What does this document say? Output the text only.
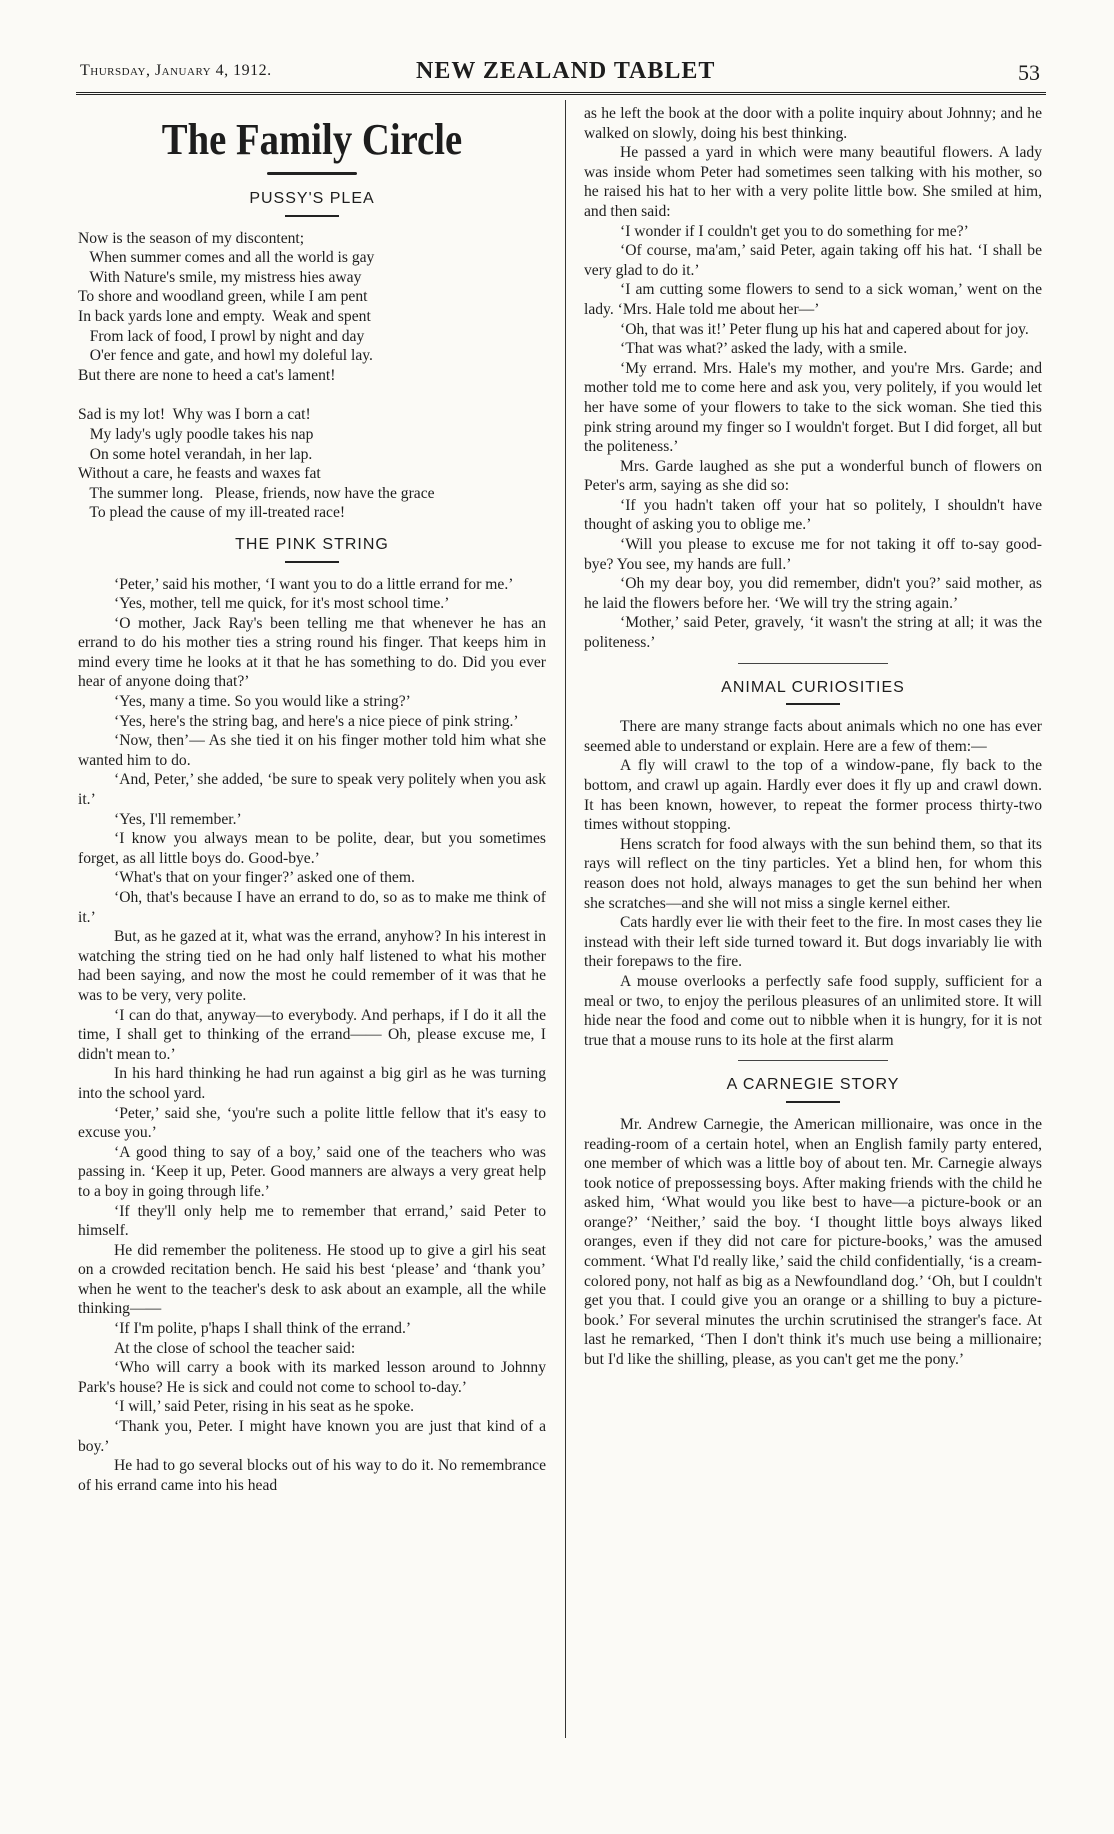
Thursday, January 4, 1912.	NEW ZEALAND TABLET	53
The Family Circle
PUSSY'S PLEA
Now is the season of my discontent;
When summer comes and all the world is gay
With Nature's smile, my mistress hies away
To shore and woodland green, while I am pent
In back yards lone and empty.  Weak and spent
From lack of food, I prowl by night and day
O'er fence and gate, and howl my doleful lay.
But there are none to heed a cat's lament!
Sad is my lot!  Why was I born a cat!
My lady's ugly poodle takes his nap
On some hotel verandah, in her lap.
Without a care, he feasts and waxes fat
The summer long.   Please, friends, now have the grace
To plead the cause of my ill-treated race!
THE PINK STRING

‘Peter,’ said his mother, ‘I want you to do a little errand for me.’

‘Yes, mother, tell me quick, for it's most school time.’

‘O mother, Jack Ray's been telling me that whenever he has an errand to do his mother ties a string round his finger. That keeps him in mind every time he looks at it that he has something to do. Did you ever hear of anyone doing that?’

‘Yes, many a time. So you would like a string?’

‘Yes, here's the string bag, and here's a nice piece of pink string.’

‘Now, then’— As she tied it on his finger mother told him what she wanted him to do.

‘And, Peter,’ she added, ‘be sure to speak very politely when you ask it.’

‘Yes, I'll remember.’

‘I know you always mean to be polite, dear, but you sometimes forget, as all little boys do. Good-bye.’

‘What's that on your finger?’ asked one of them.

‘Oh, that's because I have an errand to do, so as to make me think of it.’

But, as he gazed at it, what was the errand, anyhow? In his interest in watching the string tied on he had only half listened to what his mother had been saying, and now the most he could remember of it was that he was to be very, very polite.

‘I can do that, anyway—to everybody. And perhaps, if I do it all the time, I shall get to thinking of the errand—— Oh, please excuse me, I didn't mean to.’

In his hard thinking he had run against a big girl as he was turning into the school yard.

‘Peter,’ said she, ‘you're such a polite little fellow that it's easy to excuse you.’

‘A good thing to say of a boy,’ said one of the teachers who was passing in. ‘Keep it up, Peter. Good manners are always a very great help to a boy in going through life.’

‘If they'll only help me to remember that errand,’ said Peter to himself.

He did remember the politeness. He stood up to give a girl his seat on a crowded recitation bench. He said his best ‘please’ and ‘thank you’ when he went to the teacher's desk to ask about an example, all the while thinking——

‘If I'm polite, p'haps I shall think of the errand.’

At the close of school the teacher said:

‘Who will carry a book with its marked lesson around to Johnny Park's house? He is sick and could not come to school to-day.’

‘I will,’ said Peter, rising in his seat as he spoke.

‘Thank you, Peter. I might have known you are just that kind of a boy.’

He had to go several blocks out of his way to do it. No remembrance of his errand came into his head

as he left the book at the door with a polite inquiry about Johnny; and he walked on slowly, doing his best thinking.

He passed a yard in which were many beautiful flowers. A lady was inside whom Peter had sometimes seen talking with his mother, so he raised his hat to her with a very polite little bow. She smiled at him, and then said:

‘I wonder if I couldn't get you to do something for me?’

‘Of course, ma'am,’ said Peter, again taking off his hat. ‘I shall be very glad to do it.’

‘I am cutting some flowers to send to a sick woman,’ went on the lady. ‘Mrs. Hale told me about her—’

‘Oh, that was it!’ Peter flung up his hat and capered about for joy.

‘That was what?’ asked the lady, with a smile.

‘My errand. Mrs. Hale's my mother, and you're Mrs. Garde; and mother told me to come here and ask you, very politely, if you would let her have some of your flowers to take to the sick woman. She tied this pink string around my finger so I wouldn't forget. But I did forget, all but the politeness.’

Mrs. Garde laughed as she put a wonderful bunch of flowers on Peter's arm, saying as she did so:

‘If you hadn't taken off your hat so politely, I shouldn't have thought of asking you to oblige me.’

‘Will you please to excuse me for not taking it off to-say good-bye? You see, my hands are full.’

‘Oh my dear boy, you did remember, didn't you?’ said mother, as he laid the flowers before her. ‘We will try the string again.’

‘Mother,’ said Peter, gravely, ‘it wasn't the string at all; it was the politeness.’

ANIMAL CURIOSITIES

There are many strange facts about animals which no one has ever seemed able to understand or explain. Here are a few of them:—

A fly will crawl to the top of a window-pane, fly back to the bottom, and crawl up again. Hardly ever does it fly up and crawl down. It has been known, however, to repeat the former process thirty-two times without stopping.

Hens scratch for food always with the sun behind them, so that its rays will reflect on the tiny particles. Yet a blind hen, for whom this reason does not hold, always manages to get the sun behind her when she scratches—and she will not miss a single kernel either.

Cats hardly ever lie with their feet to the fire. In most cases they lie instead with their left side turned toward it. But dogs invariably lie with their forepaws to the fire.

A mouse overlooks a perfectly safe food supply, sufficient for a meal or two, to enjoy the perilous pleasures of an unlimited store. It will hide near the food and come out to nibble when it is hungry, for it is not true that a mouse runs to its hole at the first alarm

A CARNEGIE STORY

Mr. Andrew Carnegie, the American millionaire, was once in the reading-room of a certain hotel, when an English family party entered, one member of which was a little boy of about ten. Mr. Carnegie always took notice of prepossessing boys. After making friends with the child he asked him, ‘What would you like best to have—a picture-book or an orange?’ ‘Neither,’ said the boy. ‘I thought little boys always liked oranges, even if they did not care for picture-books,’ was the amused comment. ‘What I'd really like,’ said the child confidentially, ‘is a cream-colored pony, not half as big as a Newfoundland dog.’ ‘Oh, but I couldn't get you that. I could give you an orange or a shilling to buy a picture-book.’ For several minutes the urchin scrutinised the stranger's face. At last he remarked, ‘Then I don't think it's much use being a millionaire; but I'd like the shilling, please, as you can't get me the pony.’
